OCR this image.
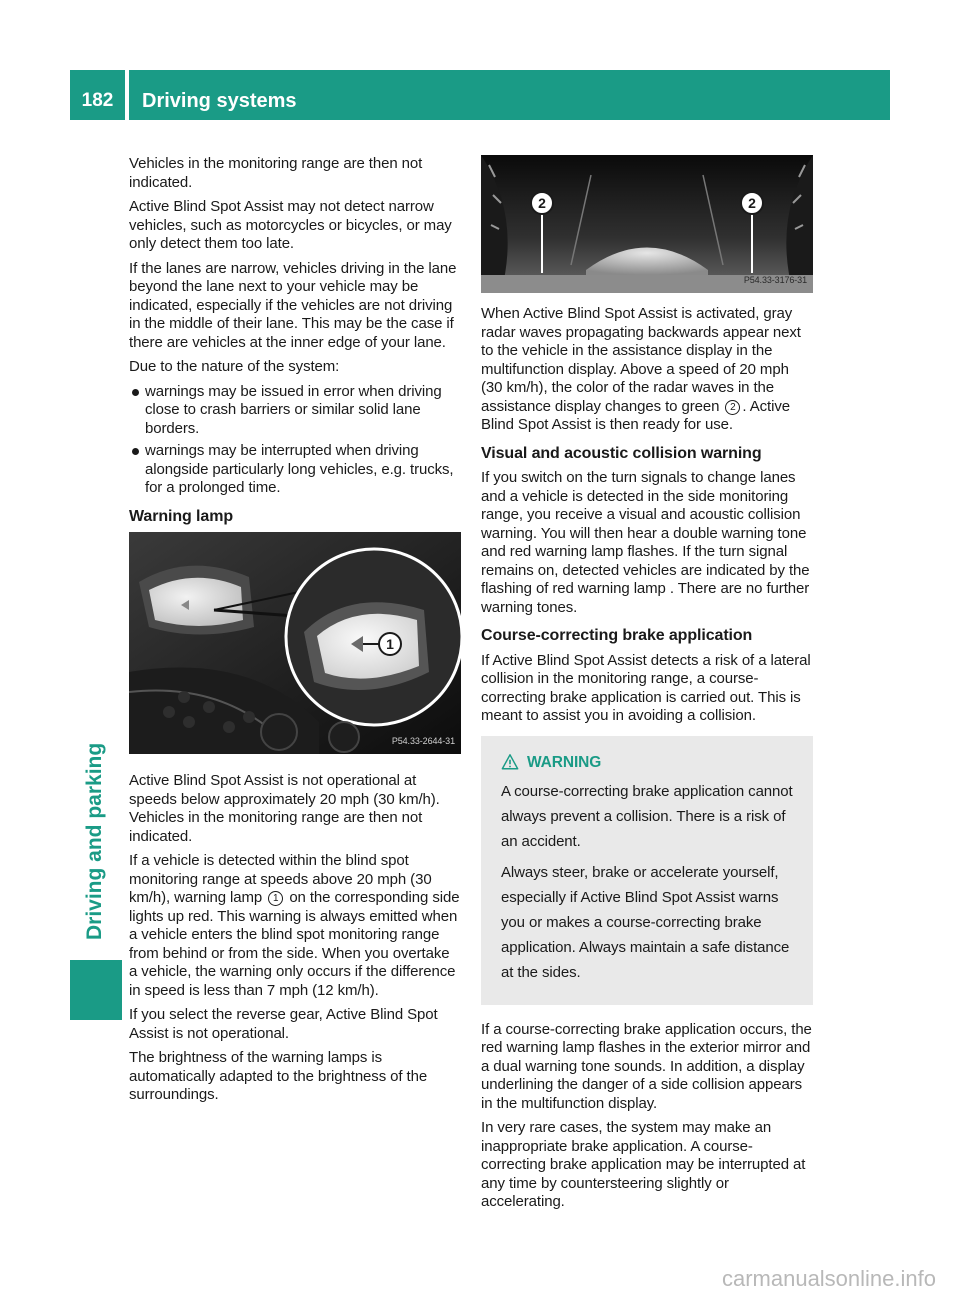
182	Driving systems
Driving and parking

Vehicles in the monitoring range are then not indicated.

Active Blind Spot Assist may not detect narrow vehicles, such as motorcycles or bicycles, or may only detect them too late.

If the lanes are narrow, vehicles driving in the lane beyond the lane next to your vehicle may be indicated, especially if the vehicles are not driving in the middle of their lane. This may be the case if there are vehicles at the inner edge of your lane.

Due to the nature of the system:

warnings may be issued in error when driving close to crash barriers or similar solid lane borders.
warnings may be interrupted when driving alongside particularly long vehicles, e.g. trucks, for a prolonged time.
Warning lamp
1
P54.33-2644-31

Active Blind Spot Assist is not operational at speeds below approximately 20 mph (30 km/h). Vehicles in the monitoring range are then not indicated.

If a vehicle is detected within the blind spot monitoring range at speeds above 20 mph (30 km/h), warning lamp 1 on the corresponding side lights up red. This warning is always emitted when a vehicle enters the blind spot monitoring range from behind or from the side. When you overtake a vehicle, the warning only occurs if the difference in speed is less than 7 mph (12 km/h).

If you select the reverse gear, Active Blind Spot Assist is not operational.

The brightness of the warning lamps is automatically adapted to the brightness of the surroundings.

2	2
P54.33-3176-31

When Active Blind Spot Assist is activated, gray radar waves propagating backwards appear next to the vehicle in the assistance display in the multifunction display. Above a speed of 20 mph (30 km/h), the color of the radar waves in the assistance display changes to green 2 . Active Blind Spot Assist is then ready for use.

Visual and acoustic collision warning

If you switch on the turn signals to change lanes and a vehicle is detected in the side monitoring range, you receive a visual and acoustic collision warning. You will then hear a double warning tone and red warning lamp flashes. If the turn signal remains on, detected vehicles are indicated by the flashing of red warning lamp . There are no further warning tones.

Course-correcting brake application

If Active Blind Spot Assist detects a risk of a lateral collision in the monitoring range, a course-correcting brake application is carried out. This is meant to assist you in avoiding a collision.

WARNING

A course-correcting brake application cannot always prevent a collision. There is a risk of an accident.

Always steer, brake or accelerate yourself, especially if Active Blind Spot Assist warns you or makes a course-correcting brake application. Always maintain a safe distance at the sides.

If a course-correcting brake application occurs, the red warning lamp flashes in the exterior mirror and a dual warning tone sounds. In addition, a display underlining the danger of a side collision appears in the multifunction display.

In very rare cases, the system may make an inappropriate brake application. A course-correcting brake application may be interrupted at any time by countersteering slightly or accelerating.

carmanualsonline.info
